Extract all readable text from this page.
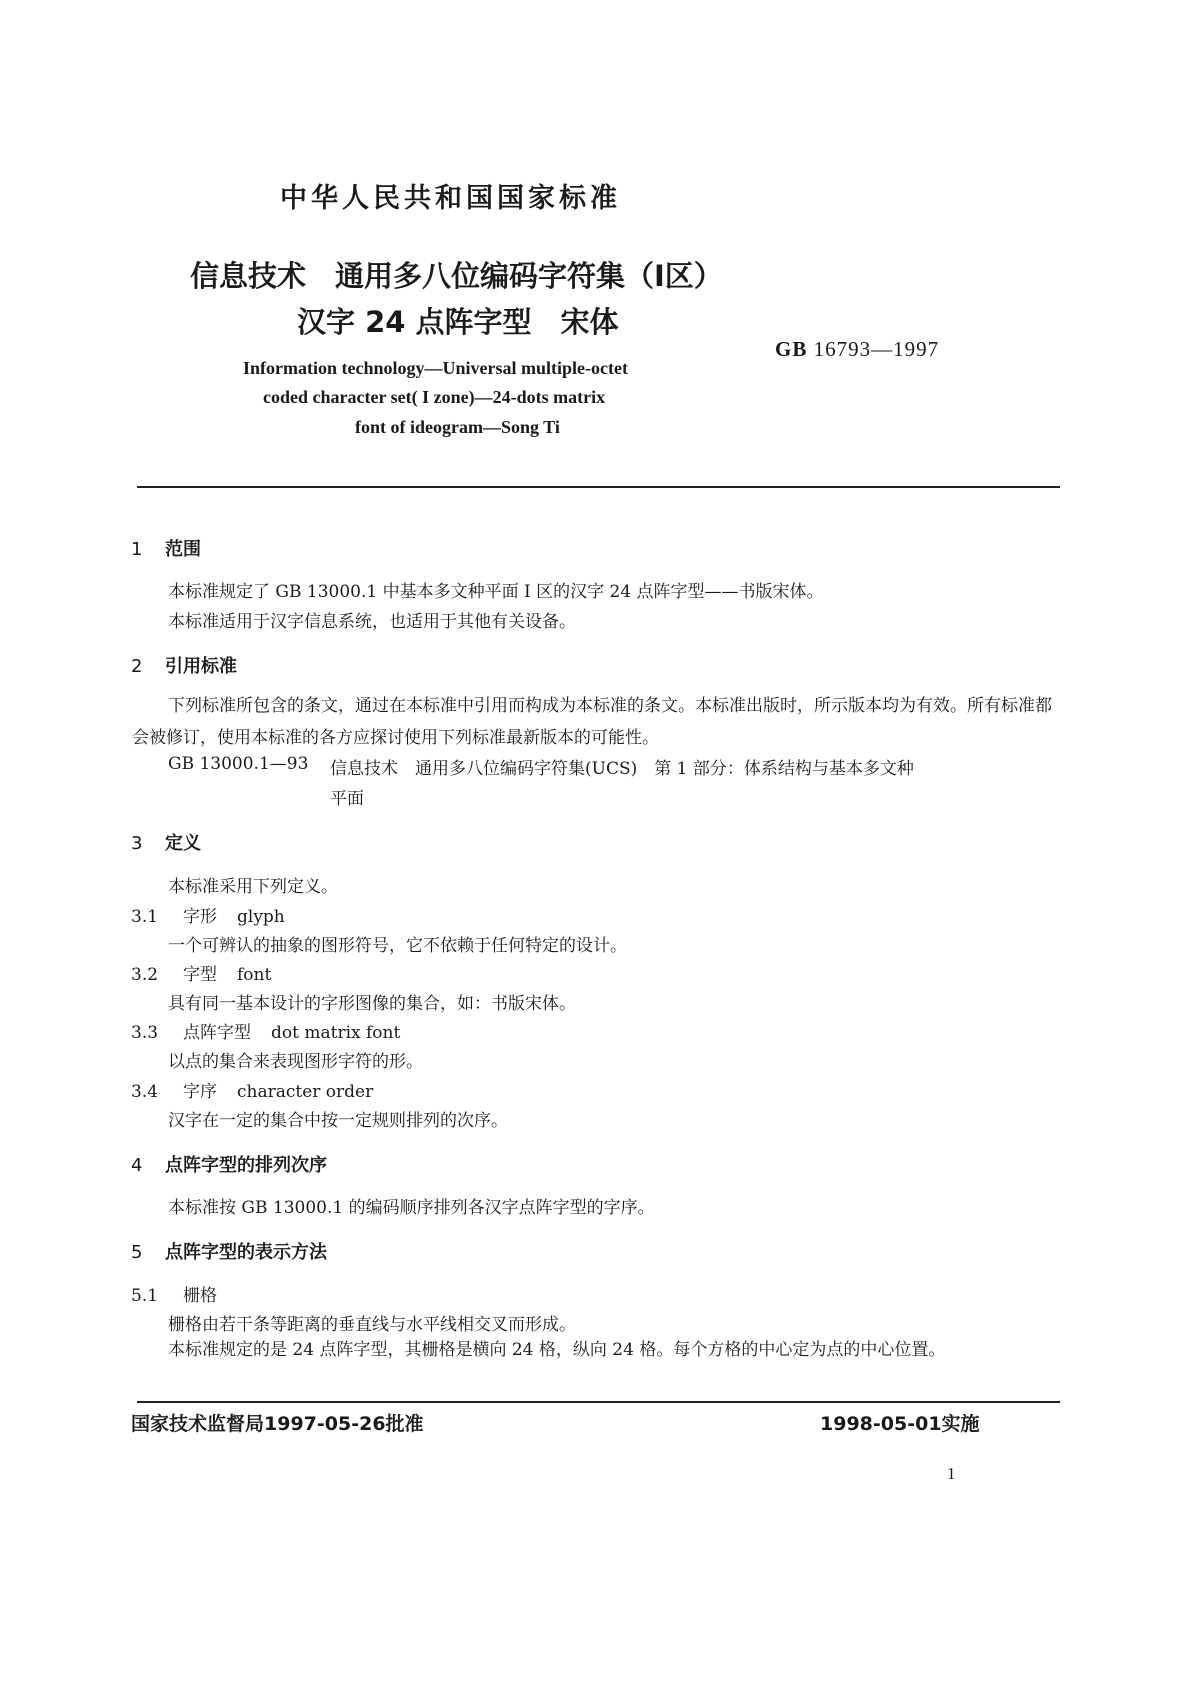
中华人民共和国国家标准
信息技术　通用多八位编码字符集（Ⅰ区）
汉字 24 点阵字型　宋体
GB 16793—1997
Information technology—Universal multiple-octet
coded character set( I zone)—24-dots matrix
font of ideogram—Song Ti
1 范围
本标准规定了 GB 13000.1 中基本多文种平面 I 区的汉字 24 点阵字型——书版宋体。
本标准适用于汉字信息系统，也适用于其他有关设备。
2 引用标准
下列标准所包含的条文，通过在本标准中引用而构成为本标准的条文。本标准出版时，所示版本均为有效。所有标准都会被修订，使用本标准的各方应探讨使用下列标准最新版本的可能性。
GB 13000.1—93 信息技术　通用多八位编码字符集(UCS)　第 1 部分：体系结构与基本多文种
平面
3 定义
本标准采用下列定义。
3.1 字形 glyph
一个可辨认的抽象的图形符号，它不依赖于任何特定的设计。
3.2 字型 font
具有同一基本设计的字形图像的集合，如：书版宋体。
3.3 点阵字型 dot matrix font
以点的集合来表现图形字符的形。
3.4 字序 character order
汉字在一定的集合中按一定规则排列的次序。
4 点阵字型的排列次序
本标准按 GB 13000.1 的编码顺序排列各汉字点阵字型的字序。
5 点阵字型的表示方法
5.1 栅格
栅格由若干条等距离的垂直线与水平线相交叉而形成。
本标准规定的是 24 点阵字型，其栅格是横向 24 格，纵向 24 格。每个方格的中心定为点的中心位置。
国家技术监督局1997-05-26批准	1998-05-01实施
1
